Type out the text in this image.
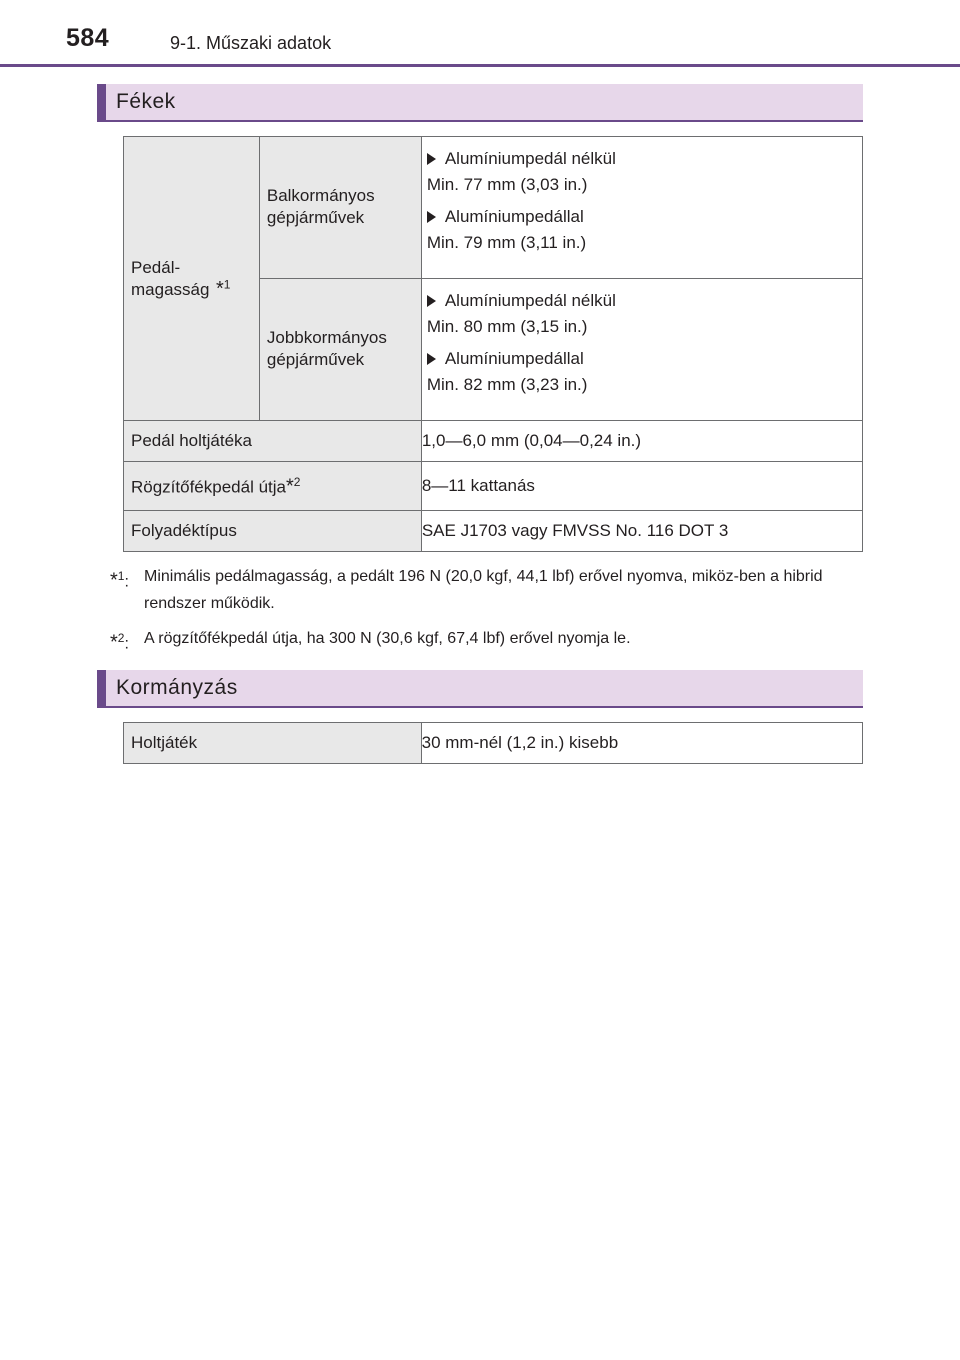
584	9-1. Műszaki adatok
Fékek
Pedál-magasság *$^1$	Balkormányos gépjárművek	Alumíniumpedál nélkül
Min. 77 mm (3,03 in.)
Alumíniumpedállal
Min. 79 mm (3,11 in.)

	Jobbkormányos gépjárművek	Alumíniumpedál nélkül
Min. 80 mm (3,15 in.)
Alumíniumpedállal
Min. 82 mm (3,23 in.)

Pedál holtjátéka		1,0—6,0 mm (0,04—0,24 in.)
Rögzítőfékpedál útja*$^2$		8—11 kattanás
Folyadéktípus		SAE J1703 vagy FMVSS No. 116 DOT 3
*$^1$: Minimális pedálmagasság, a pedált 196 N (20,0 kgf, 44,1 lbf) erővel nyomva, miköz-ben a hibrid rendszer működik.
*$^2$: A rögzítőfékpedál útja, ha 300 N (30,6 kgf, 67,4 lbf) erővel nyomja le.
Kormányzás
Holtjáték	30 mm-nél (1,2 in.) kisebb
